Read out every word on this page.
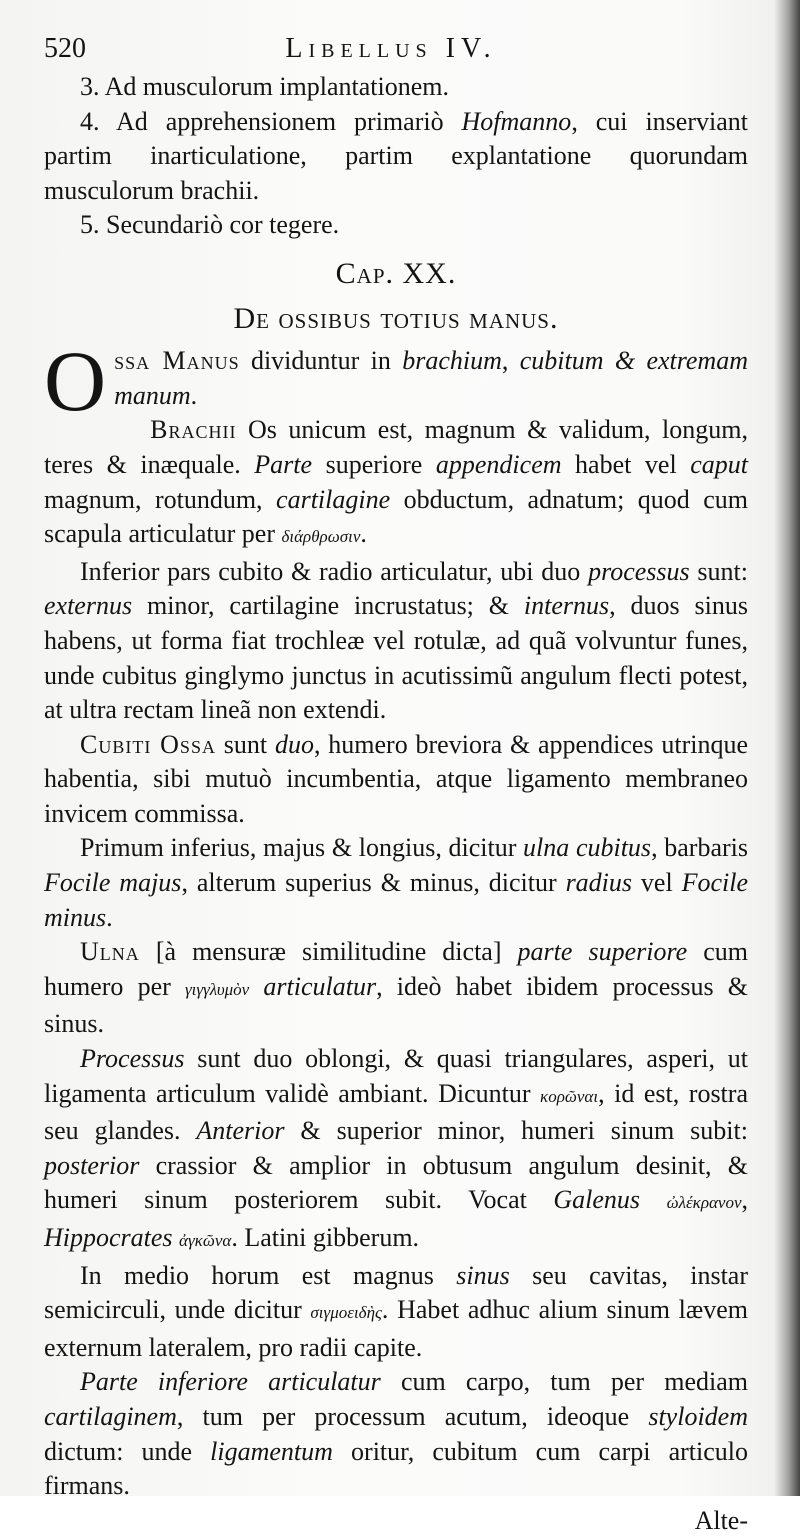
520	Libellus IV.

3. Ad musculorum implantationem.

4. Ad apprehensionem primariò Hofmanno, cui inserviant partim inarticulatione, partim explantatione quorundam musculorum brachii.

5. Secundariò cor tegere.

Cap. XX.
De ossibus totius manus.

Ossa Manus dividuntur in brachium, cubitum & extremam manum.

Brachii Os unicum est, magnum & validum, longum, teres & inæquale. Parte superiore appendicem habet vel caput magnum, rotundum, cartilagine obductum, adnatum; quod cum scapula articulatur per διάρθρωσιν.

Inferior pars cubito & radio articulatur, ubi duo processus sunt: externus minor, cartilagine incrustatus; & internus, duos sinus habens, ut forma fiat trochleæ vel rotulæ, ad quã volvuntur funes, unde cubitus ginglymo junctus in acutissimũ angulum flecti potest, at ultra rectam lineã non extendi.

Cubiti Ossa sunt duo, humero breviora & appendices utrinque habentia, sibi mutuò incumbentia, atque ligamento membraneo invicem commissa.

Primum inferius, majus & longius, dicitur ulna cubitus, barbaris Focile majus, alterum superius & minus, dicitur radius vel Focile minus.

Ulna [à mensuræ similitudine dicta] parte superiore cum humero per γιγγλυμὸν articulatur, ideò habet ibidem processus & sinus.

Processus sunt duo oblongi, & quasi triangulares, asperi, ut ligamenta articulum validè ambiant. Dicuntur κορῶναι, id est, rostra seu glandes. Anterior & superior minor, humeri sinum subit: posterior crassior & amplior in obtusum angulum desinit, & humeri sinum posteriorem subit. Vocat Galenus ὠλέκρανον, Hippocrates ἀγκῶνα. Latini gibberum.

In medio horum est magnus sinus seu cavitas, instar semicirculi, unde dicitur σιγμοειδὴς. Habet adhuc alium sinum lævem externum lateralem, pro radii capite.

Parte inferiore articulatur cum carpo, tum per mediam cartilaginem, tum per processum acutum, ideoque styloidem dictum: unde ligamentum oritur, cubitum cum carpi articulo firmans.

Alte-
